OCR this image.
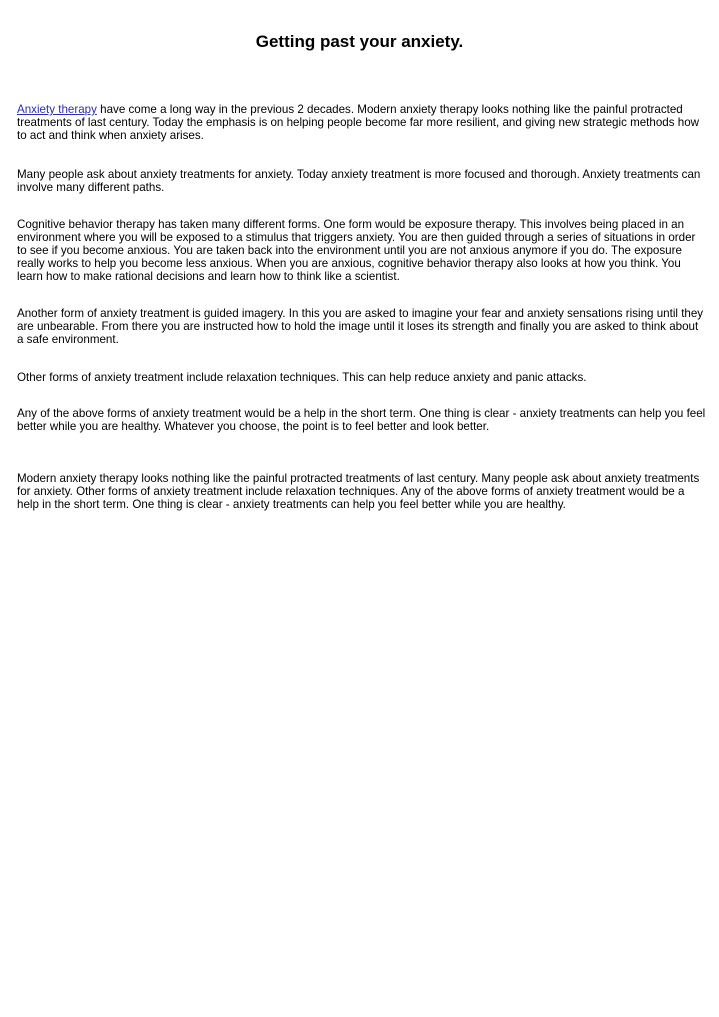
Getting past your anxiety.

Anxiety therapy have come a long way in the previous 2 decades. Modern anxiety therapy looks nothing like the painful protracted treatments of last century. Today the emphasis is on helping people become far more resilient, and giving new strategic methods how to act and think when anxiety arises.

Many people ask about anxiety treatments for anxiety. Today anxiety treatment is more focused and thorough. Anxiety treatments can involve many different paths.

Cognitive behavior therapy has taken many different forms. One form would be exposure therapy. This involves being placed in an environment where you will be exposed to a stimulus that triggers anxiety. You are then guided through a series of situations in order to see if you become anxious. You are taken back into the environment until you are not anxious anymore if you do. The exposure really works to help you become less anxious. When you are anxious, cognitive behavior therapy also looks at how you think. You learn how to make rational decisions and learn how to think like a scientist.

Another form of anxiety treatment is guided imagery. In this you are asked to imagine your fear and anxiety sensations rising until they are unbearable. From there you are instructed how to hold the image until it loses its strength and finally you are asked to think about a safe environment.

Other forms of anxiety treatment include relaxation techniques. This can help reduce anxiety and panic attacks.

Any of the above forms of anxiety treatment would be a help in the short term. One thing is clear - anxiety treatments can help you feel better while you are healthy. Whatever you choose, the point is to feel better and look better.

Modern anxiety therapy looks nothing like the painful protracted treatments of last century. Many people ask about anxiety treatments for anxiety. Other forms of anxiety treatment include relaxation techniques. Any of the above forms of anxiety treatment would be a help in the short term. One thing is clear - anxiety treatments can help you feel better while you are healthy.
